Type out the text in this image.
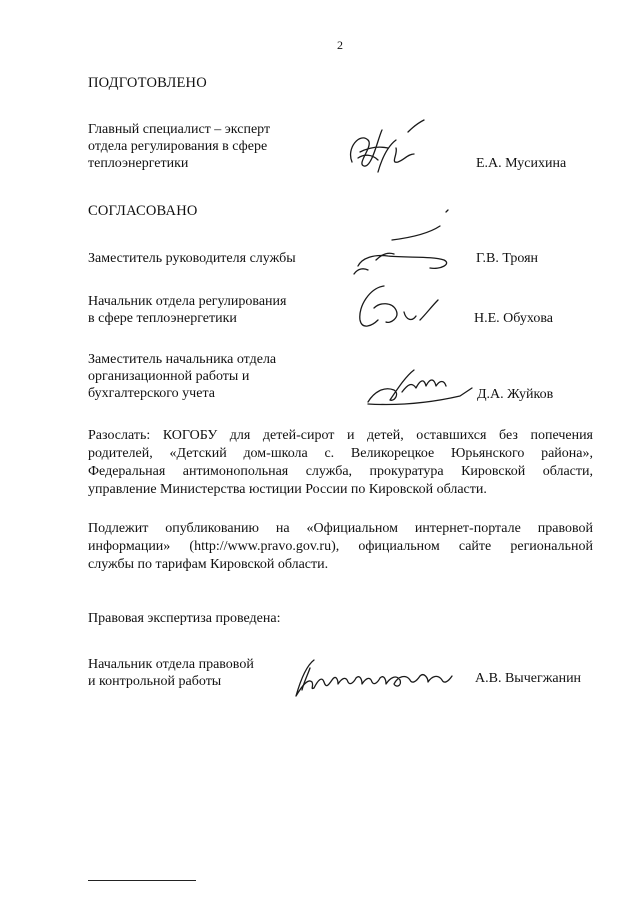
2
ПОДГОТОВЛЕНО
Главный специалист – эксперт
отдела регулирования в сфере
теплоэнергетики	Е.А. Мусихина
СОГЛАСОВАНО
Заместитель руководителя службы	Г.В. Троян
Начальник отдела регулирования
в сфере теплоэнергетики	Н.Е. Обухова
Заместитель начальника отдела
организационной работы и
бухгалтерского учета	Д.А. Жуйков
Разослать: КОГОБУ для детей-сирот и детей, оставшихся без попечения
родителей, «Детский дом-школа с. Великорецкое Юрьянского района»,
Федеральная антимонопольная служба, прокуратура Кировской области,
управление Министерства юстиции России по Кировской области.
Подлежит опубликованию на «Официальном интернет-портале правовой
информации» (http://www.pravo.gov.ru), официальном сайте региональной
службы по тарифам Кировской области.
Правовая экспертиза проведена:
Начальник отдела правовой
и контрольной работы	А.В. Вычегжанин
